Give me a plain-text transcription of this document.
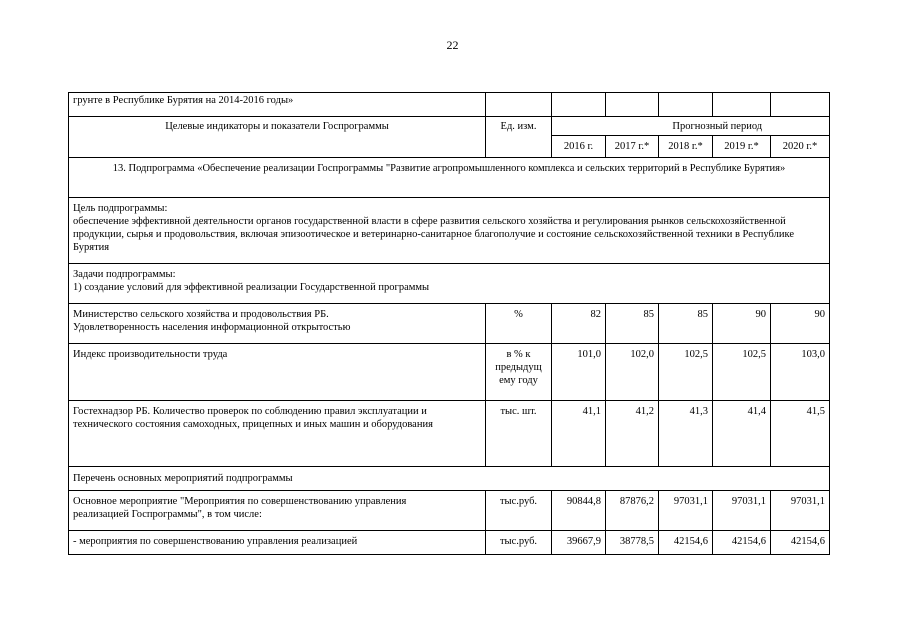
22
грунте в Республике Бурятия на 2014-2016 годы»						
Целевые индикаторы и показатели Госпрограммы	Ед. изм.		Прогнозный период			
		2016 г.	2017 г.*	2018 г.*	2019 г.*	2020 г.*
13. Подпрограмма «Обеспечение реализации Госпрограммы "Развитие агропромышленного комплекса и сельских территорий в Республике Бурятия»						

Цель подпрограммы:
обеспечение эффективной деятельности органов государственной власти в сфере развития сельского хозяйства и регулирования рынков сельскохозяйственной продукции, сырья и продовольствия, включая эпизоотическое и ветеринарно-санитарное благополучие и состояние сельскохозяйственной техники в Республике Бурятия						

Задачи подпрограммы:
1) создание условий для эффективной реализации Государственной программы						

Министерство сельского хозяйства и продовольствия РБ. Удовлетворенность населения информационной открытостью	%	82	85	85	90	90
Индекс производительности труда	в % к предыдущ ему году	101,0	102,0	102,5	102,5	103,0
Гостехнадзор РБ. Количество проверок по соблюдению правил эксплуатации и технического состояния самоходных, прицепных и иных машин и оборудования	тыс. шт.	41,1	41,2	41,3	41,4	41,5
Перечень основных мероприятий подпрограммы						
Основное мероприятие "Мероприятия по совершенствованию управления реализацией Госпрограммы", в том числе:	тыс.руб.	90844,8	87876,2	97031,1	97031,1	97031,1
- мероприятия по совершенствованию управления реализацией	тыс.руб.	39667,9	38778,5	42154,6	42154,6	42154,6
